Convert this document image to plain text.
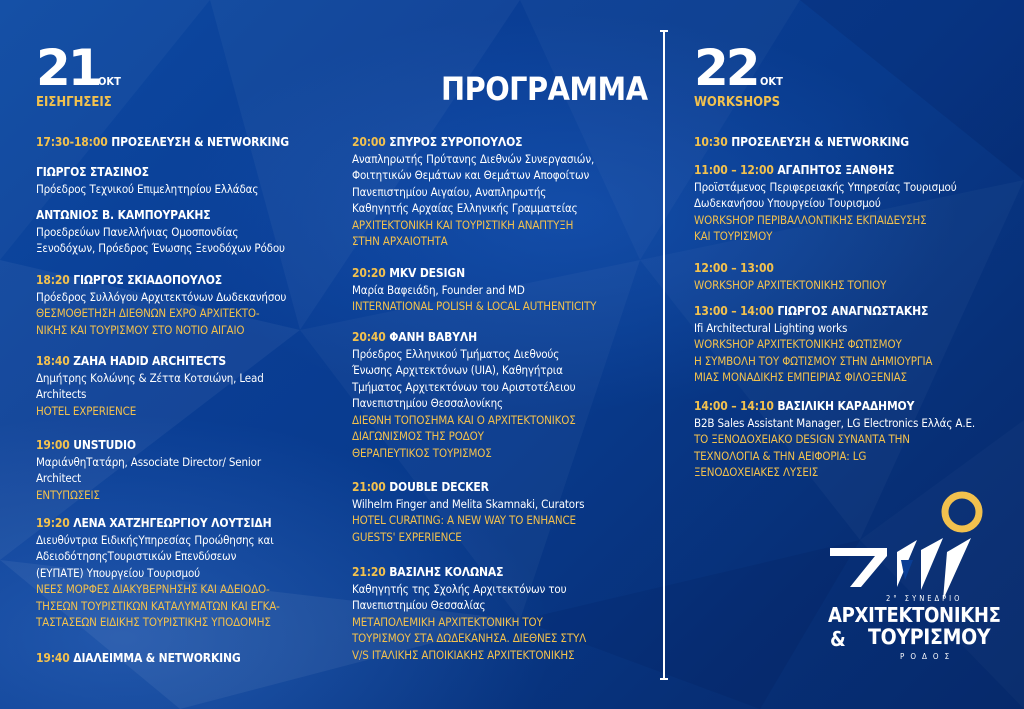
21
ΟΚΤ
ΕΙΣΗΓΗΣΕΙΣ	ΠΡΟΓΡΑΜΜΑ 22 ΟΚΤ
WORKSHOPS
17:30-18:00 ΠΡΟΣΕΛΕΥΣΗ & NETWORKING
ΓΙΩΡΓΟΣ ΣΤΑΣΙΝΟΣ
Πρόεδρος Τεχνικού Επιμελητηρίου Ελλάδας
ΑΝΤΩΝΙΟΣ Β. ΚΑΜΠΟΥΡΑΚΗΣ
Προεδρεύων Πανελλήνιας Ομοσπονδίας
Ξενοδόχων, Πρόεδρος Ένωσης Ξενοδόχων Ρόδου
18:20 ΓΙΩΡΓΟΣ ΣΚΙΑΔΟΠΟΥΛΟΣ
Πρόεδρος Συλλόγου Αρχιτεκτόνων Δωδεκανήσου
ΘΕΣΜΟΘΕΤΗΣΗ ΔΙΕΘΝΩΝ EXPO ΑΡΧΙΤΕΚΤΟ-
ΝΙΚΗΣ ΚΑΙ ΤΟΥΡΙΣΜΟΥ ΣΤΟ ΝΟΤΙΟ ΑΙΓΑΙΟ
18:40 ZAHA HADID ARCHITECTS
Δημήτρης Κολώνης & Ζέττα Κοτσιώνη, Lead
Architects
HOTEL EXPERIENCE
19:00 UNSTUDIO
ΜαριάνθηΤατάρη, Associate Director/ Senior
Architect
ΕΝΤΥΠΩΣΕΙΣ
19:20 ΛΕΝΑ ΧΑΤΖΗΓΕΩΡΓΙΟΥ ΛΟΥΤΣΙΔΗ
Διευθύντρια ΕιδικήςΥπηρεσίας Προώθησης και
ΑδειοδότησηςΤουριστικών Επενδύσεων
(ΕΥΠΑΤΕ) Υπουργείου Τουρισμού
ΝΕΕΣ ΜΟΡΦΕΣ ΔΙΑΚΥΒΕΡΝΗΣΗΣ ΚΑΙ ΑΔΕΙΟΔΟ-
ΤΗΣΕΩΝ ΤΟΥΡΙΣΤΙΚΩΝ ΚΑΤΑΛΥΜΑΤΩΝ ΚΑΙ ΕΓΚΑ-
ΤΑΣΤΑΣΕΩΝ ΕΙΔΙΚΗΣ ΤΟΥΡΙΣΤΙΚΗΣ ΥΠΟΔΟΜΗΣ
19:40 ΔΙΑΛΕΙΜΜΑ & NETWORKING
20:00 ΣΠΥΡΟΣ ΣΥΡΟΠΟΥΛΟΣ
Αναπληρωτής Πρύτανης Διεθνών Συνεργασιών,
Φοιτητικών Θεμάτων και Θεμάτων Αποφοίτων
Πανεπιστημίου Αιγαίου, Αναπληρωτής
Καθηγητής Αρχαίας Ελληνικής Γραμματείας
ΑΡΧΙΤΕΚΤΟΝΙΚΗ ΚΑΙ ΤΟΥΡΙΣΤΙΚΗ ΑΝΑΠΤΥΞΗ
ΣΤΗΝ ΑΡΧΑΙΟΤΗΤΑ
20:20 MKV DESIGN
Μαρία Βαφειάδη, Founder and MD
INTERNATIONAL POLISH & LOCAL AUTHENTICITY
20:40 ΦΑΝΗ ΒΑΒΥΛΗ
Πρόεδρος Ελληνικού Τμήματος Διεθνούς
Ένωσης Αρχιτεκτόνων (UIA), Καθηγήτρια
Τμήματος Αρχιτεκτόνων του Αριστοτέλειου
Πανεπιστημίου Θεσσαλονίκης
ΔΙΕΘΝΗ ΤΟΠΟΣΗΜΑ ΚΑΙ Ο ΑΡΧΙΤΕΚΤΟΝΙΚΟΣ
ΔΙΑΓΩΝΙΣΜΟΣ ΤΗΣ ΡΟΔΟΥ
ΘΕΡΑΠΕΥΤΙΚΟΣ ΤΟΥΡΙΣΜΟΣ
21:00 DOUBLE DECKER
Wilhelm Finger and Melita Skamnaki, Curators
HOTEL CURATING: A NEW WAY TO ENHANCE
GUESTS' EXPERIENCE
21:20 ΒΑΣΙΛΗΣ ΚΟΛΩΝΑΣ
Καθηγητής της Σχολής Αρχιτεκτόνων του
Πανεπιστημίου Θεσσαλίας
ΜΕΤΑΠΟΛΕΜΙΚΗ ΑΡΧΙΤΕΚΤΟΝΙΚΗ ΤΟΥ
ΤΟΥΡΙΣΜΟΥ ΣΤΑ ΔΩΔΕΚΑΝΗΣΑ. ΔΙΕΘΝΕΣ ΣΤΥΛ
V/S ΙΤΑΛΙΚΗΣ ΑΠΟΙΚΙΑΚΗΣ ΑΡΧΙΤΕΚΤΟΝΙΚΗΣ
10:30 ΠΡΟΣΕΛΕΥΣΗ & NETWORKING
11:00 – 12:00 ΑΓΑΠΗΤΟΣ ΞΑΝΘΗΣ
Προϊστάμενος Περιφερειακής Υπηρεσίας Τουρισμού
Δωδεκανήσου Υπουργείου Τουρισμού
WORKSHOP ΠΕΡΙΒΑΛΛΟΝΤΙΚΗΣ ΕΚΠΑΙΔΕΥΣΗΣ
ΚΑΙ ΤΟΥΡΙΣΜΟΥ
12:00 – 13:00
WORKSHOP ΑΡΧΙΤΕΚΤΟΝΙΚΗΣ ΤΟΠΙΟΥ
13:00 – 14:00 ΓΙΩΡΓΟΣ ΑΝΑΓΝΩΣΤΑΚΗΣ
Ifi Architectural Lighting works
WORKSHOP ΑΡΧΙΤΕΚΤΟΝΙΚΗΣ ΦΩΤΙΣΜΟΥ
Η ΣΥΜΒΟΛΗ ΤΟΥ ΦΩΤΙΣΜΟΥ ΣΤΗΝ ΔΗΜΙΟΥΡΓΙΑ
ΜΙΑΣ ΜΟΝΑΔΙΚΗΣ ΕΜΠΕΙΡΙΑΣ ΦΙΛΟΞΕΝΙΑΣ
14:00 – 14:10 ΒΑΣΙΛΙΚΗ ΚΑΡΑΔΗΜΟΥ
B2B Sales Assistant Manager, LG Electronics Ελλάς Α.Ε.
ΤΟ ΞΕΝΟΔΟΧΕΙΑΚΟ DESIGN ΣΥΝΑΝΤΑ ΤΗΝ
ΤΕΧΝΟΛΟΓΙΑ & ΤΗΝ ΑΕΙΦΟΡΙΑ: LG
ΞΕΝΟΔΟΧΕΙΑΚΕΣ ΛΥΣΕΙΣ
2° ΣΥΝΕΔΡΙΟ
ΑΡΧΙΤΕΚΤΟΝΙΚΗΣ
& ΤΟΥΡΙΣΜΟΥ
ΡΟΔΟΣ
